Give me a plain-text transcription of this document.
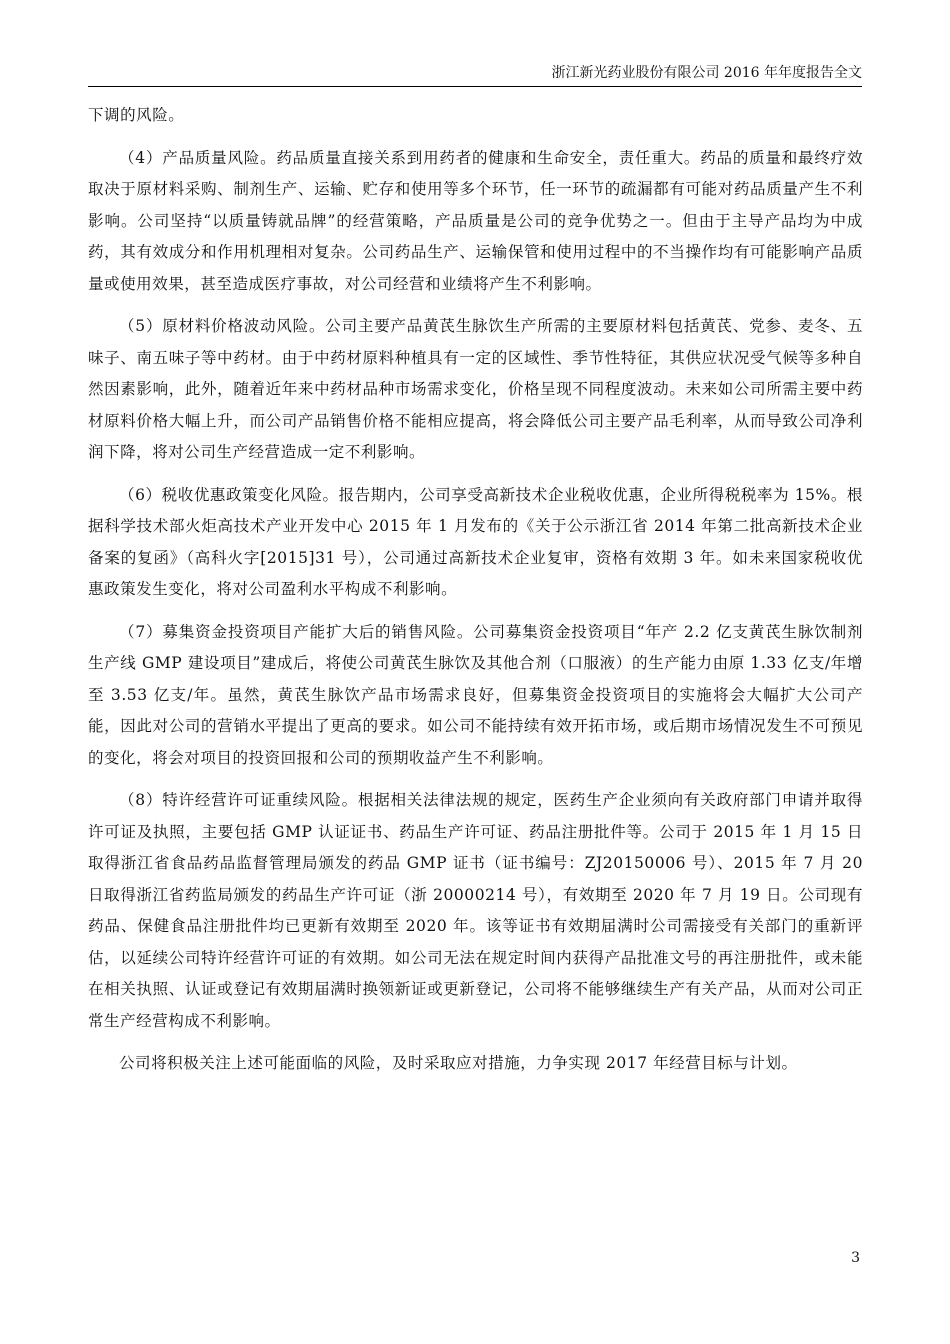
浙江新光药业股份有限公司 2016 年年度报告全文

下调的风险。

（4）产品质量风险。药品质量直接关系到用药者的健康和生命安全，责任重大。药品的质量和最终疗效取决于原材料采购、制剂生产、运输、贮存和使用等多个环节，任一环节的疏漏都有可能对药品质量产生不利影响。公司坚持“以质量铸就品牌”的经营策略，产品质量是公司的竞争优势之一。但由于主导产品均为中成药，其有效成分和作用机理相对复杂。公司药品生产、运输保管和使用过程中的不当操作均有可能影响产品质量或使用效果，甚至造成医疗事故，对公司经营和业绩将产生不利影响。

（5）原材料价格波动风险。公司主要产品黄芪生脉饮生产所需的主要原材料包括黄芪、党参、麦冬、五味子、南五味子等中药材。由于中药材原料种植具有一定的区域性、季节性特征，其供应状况受气候等多种自然因素影响，此外，随着近年来中药材品种市场需求变化，价格呈现不同程度波动。未来如公司所需主要中药材原料价格大幅上升，而公司产品销售价格不能相应提高，将会降低公司主要产品毛利率，从而导致公司净利润下降，将对公司生产经营造成一定不利影响。

（6）税收优惠政策变化风险。报告期内，公司享受高新技术企业税收优惠，企业所得税税率为 15%。根据科学技术部火炬高技术产业开发中心 2015 年 1 月发布的《关于公示浙江省 2014 年第二批高新技术企业备案的复函》（高科火字[2015]31 号），公司通过高新技术企业复审，资格有效期 3 年。如未来国家税收优惠政策发生变化，将对公司盈利水平构成不利影响。

（7）募集资金投资项目产能扩大后的销售风险。公司募集资金投资项目“年产 2.2 亿支黄芪生脉饮制剂生产线 GMP 建设项目”建成后，将使公司黄芪生脉饮及其他合剂（口服液）的生产能力由原 1.33 亿支/年增至 3.53 亿支/年。虽然，黄芪生脉饮产品市场需求良好，但募集资金投资项目的实施将会大幅扩大公司产能，因此对公司的营销水平提出了更高的要求。如公司不能持续有效开拓市场，或后期市场情况发生不可预见的变化，将会对项目的投资回报和公司的预期收益产生不利影响。

（8）特许经营许可证重续风险。根据相关法律法规的规定，医药生产企业须向有关政府部门申请并取得许可证及执照，主要包括 GMP 认证证书、药品生产许可证、药品注册批件等。公司于 2015 年 1 月 15 日取得浙江省食品药品监督管理局颁发的药品 GMP 证书（证书编号：ZJ20150006 号）、2015 年 7 月 20 日取得浙江省药监局颁发的药品生产许可证（浙 20000214 号），有效期至 2020 年 7 月 19 日。公司现有药品、保健食品注册批件均已更新有效期至 2020 年。该等证书有效期届满时公司需接受有关部门的重新评估，以延续公司特许经营许可证的有效期。如公司无法在规定时间内获得产品批准文号的再注册批件，或未能在相关执照、认证或登记有效期届满时换领新证或更新登记，公司将不能够继续生产有关产品，从而对公司正常生产经营构成不利影响。

公司将积极关注上述可能面临的风险，及时采取应对措施，力争实现 2017 年经营目标与计划。

3
